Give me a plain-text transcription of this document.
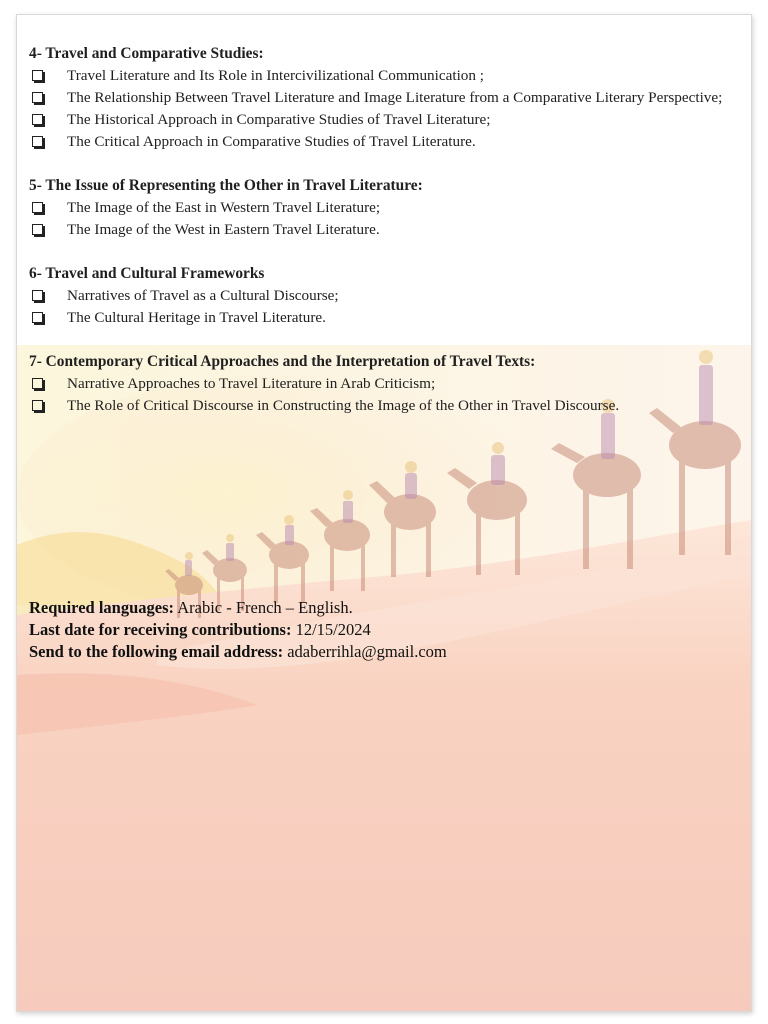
4- Travel and Comparative Studies:

Travel Literature and Its Role in Intercivilizational Communication ;
The Relationship Between Travel Literature and Image Literature from a Comparative Literary Perspective;
The Historical Approach in Comparative Studies of Travel Literature;
The Critical Approach in Comparative Studies of Travel Literature.

5- The Issue of Representing the Other in Travel Literature:

The Image of the East in Western Travel Literature;
The Image of the West in Eastern Travel Literature.

6- Travel and Cultural Frameworks

Narratives of Travel as a Cultural Discourse;
The Cultural Heritage in Travel Literature.

7- Contemporary Critical Approaches and the Interpretation of Travel Texts:

Narrative Approaches to Travel Literature in Arab Criticism;
The Role of Critical Discourse in Constructing the Image of the Other in Travel Discourse.
Required languages: Arabic - French – English.
Last date for receiving contributions: 12/15/2024
Send to the following email address: adaberrihla@gmail.com
